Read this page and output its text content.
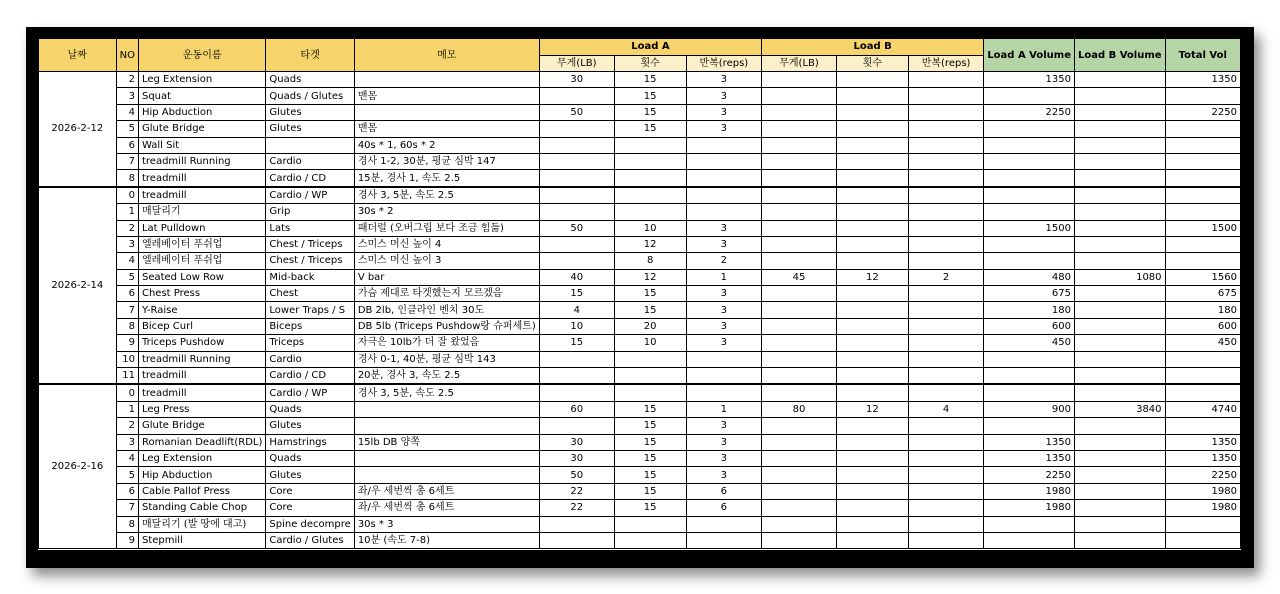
날짜	NO	운동이름	타겟	메모	Load A			Load B			Load A Volume	Load B Volume	Total Vol
					무게(LB)	횟수	반복(reps)	무게(LB)	횟수	반복(reps)			
2026-2-12	2	Leg Extension	Quads		30	15	3				1350		1350
	3	Squat	Quads / Glutes	맨몸		15	3						
	4	Hip Abduction	Glutes		50	15	3				2250		2250
	5	Glute Bridge	Glutes	맨몸		15	3						
	6	Wall Sit		40s * 1, 60s * 2									
	7	treadmill Running	Cardio	경사 1-2, 30분, 평균 심박 147									
	8	treadmill	Cardio / CD	15분, 경사 1, 속도 2.5									
2026-2-14	0	treadmill	Cardio / WP	경사 3, 5분, 속도 2.5									
	1	매달리기	Grip	30s * 2									
	2	Lat Pulldown	Lats	패더럴 (오버그립 보다 조금 힘듦)	50	10	3				1500		1500
	3	엘레베이터 푸쉬업	Chest / Triceps	스미스 머신 높이 4		12	3						
	4	엘레베이터 푸쉬업	Chest / Triceps	스미스 머신 높이 3		8	2						
	5	Seated Low Row	Mid-back	V bar	40	12	1	45	12	2	480	1080	1560
	6	Chest Press	Chest	가슴 제대로 타겟했는지 모르겠음	15	15	3				675		675
	7	Y-Raise	Lower Traps / S	DB 2lb, 인클라인 벤치 30도	4	15	3				180		180
	8	Bicep Curl	Biceps	DB 5lb (Triceps Pushdow랑 슈퍼세트)	10	20	3				600		600
	9	Triceps Pushdow	Triceps	자극은 10lb가 더 잘 왔었음	15	10	3				450		450
	10	treadmill Running	Cardio	경사 0-1, 40분, 평균 심박 143									
	11	treadmill	Cardio / CD	20분, 경사 3, 속도 2.5									
2026-2-16	0	treadmill	Cardio / WP	경사 3, 5분, 속도 2.5									
	1	Leg Press	Quads		60	15	1	80	12	4	900	3840	4740
	2	Glute Bridge	Glutes			15	3						
	3	Romanian Deadlift(RDL)	Hamstrings	15lb DB 양쪽	30	15	3				1350		1350
	4	Leg Extension	Quads		30	15	3				1350		1350
	5	Hip Abduction	Glutes		50	15	3				2250		2250
	6	Cable Pallof Press	Core	좌/우 세번씩 총 6세트	22	15	6				1980		1980
	7	Standing Cable Chop	Core	좌/우 세번씩 총 6세트	22	15	6				1980		1980
	8	매달리기 (발 땅에 대고)	Spine decompre	30s * 3									
	9	Stepmill	Cardio / Glutes	10분 (속도 7-8)									
